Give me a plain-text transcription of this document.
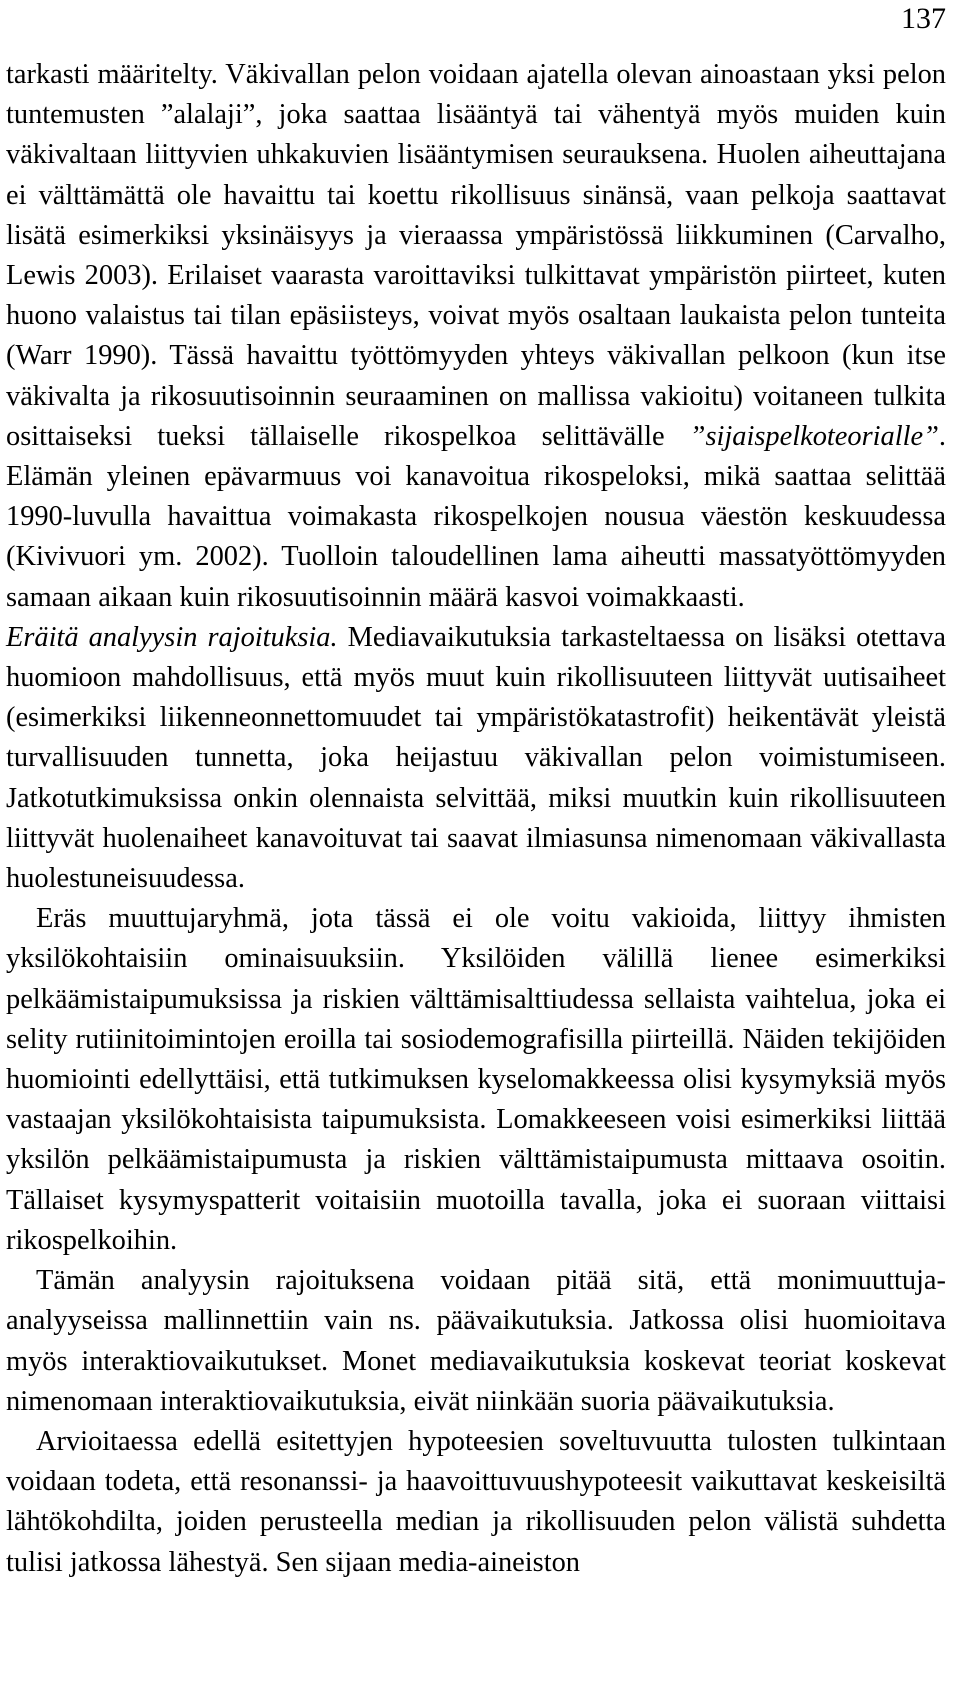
137

tarkasti määritelty. Väkivallan pelon voidaan ajatella olevan ainoastaan yksi pelon tuntemusten ”alalaji”, joka saattaa lisääntyä tai vähentyä myös muiden kuin väkivaltaan liittyvien uhkakuvien lisääntymisen seurauksena. Huolen aiheuttajana ei välttämättä ole havaittu tai koettu rikollisuus sinänsä, vaan pelkoja saattavat lisätä esimerkiksi yksinäisyys ja vieraassa ympäristössä liikkuminen (Carvalho, Lewis 2003). Erilaiset vaarasta varoittaviksi tulkittavat ympäristön piirteet, kuten huono valaistus tai tilan epäsiisteys, voivat myös osaltaan laukaista pelon tunteita (Warr 1990). Tässä havaittu työttömyyden yhteys väkivallan pelkoon (kun itse väkivalta ja rikosuutisoinnin seuraaminen on mallissa vakioitu) voitaneen tulkita osittaiseksi tueksi tällaiselle rikospelkoa selittävälle ”sijaispelkoteorialle”. Elämän yleinen epävarmuus voi kanavoitua rikospeloksi, mikä saattaa selittää 1990-luvulla havaittua voimakasta rikospelkojen nousua väestön keskuudessa (Kivivuori ym. 2002). Tuolloin taloudellinen lama aiheutti massatyöttömyyden samaan aikaan kuin rikosuutisoinnin määrä kasvoi voimakkaasti.

Eräitä analyysin rajoituksia. Mediavaikutuksia tarkasteltaessa on lisäksi otettava huomioon mahdollisuus, että myös muut kuin rikollisuuteen liittyvät uutisaiheet (esimerkiksi liikenneonnettomuudet tai ympäristökatastrofit) heikentävät yleistä turvallisuuden tunnetta, joka heijastuu väkivallan pelon voimistumiseen. Jatkotutkimuksissa onkin olennaista selvittää, miksi muutkin kuin rikollisuuteen liittyvät huolenaiheet kanavoituvat tai saavat ilmiasunsa nimenomaan väkivallasta huolestuneisuudessa.

Eräs muuttujaryhmä, jota tässä ei ole voitu vakioida, liittyy ihmisten yksilökohtaisiin ominaisuuksiin. Yksilöiden välillä lienee esimerkiksi pelkäämistaipumuksissa ja riskien välttämisalttiudessa sellaista vaihtelua, joka ei selity rutiinitoimintojen eroilla tai sosiodemografisilla piirteillä. Näiden tekijöiden huomiointi edellyttäisi, että tutkimuksen kyselomakkeessa olisi kysymyksiä myös vastaajan yksilökohtaisista taipumuksista. Lomakkeeseen voisi esimerkiksi liittää yksilön pelkäämistaipumusta ja riskien välttämistaipumusta mittaava osoitin. Tällaiset kysymyspatterit voitaisiin muotoilla tavalla, joka ei suoraan viittaisi rikospelkoihin.

Tämän analyysin rajoituksena voidaan pitää sitä, että monimuuttuja-analyyseissa mallinnettiin vain ns. päävaikutuksia. Jatkossa olisi huomioitava myös interaktiovaikutukset. Monet mediavaikutuksia koskevat teoriat koskevat nimenomaan interaktiovaikutuksia, eivät niinkään suoria päävaikutuksia.

Arvioitaessa edellä esitettyjen hypoteesien soveltuvuutta tulosten tulkintaan voidaan todeta, että resonanssi- ja haavoittuvuushypoteesit vaikuttavat keskeisiltä lähtökohdilta, joiden perusteella median ja rikollisuuden pelon välistä suhdetta tulisi jatkossa lähestyä. Sen sijaan media-aineiston
